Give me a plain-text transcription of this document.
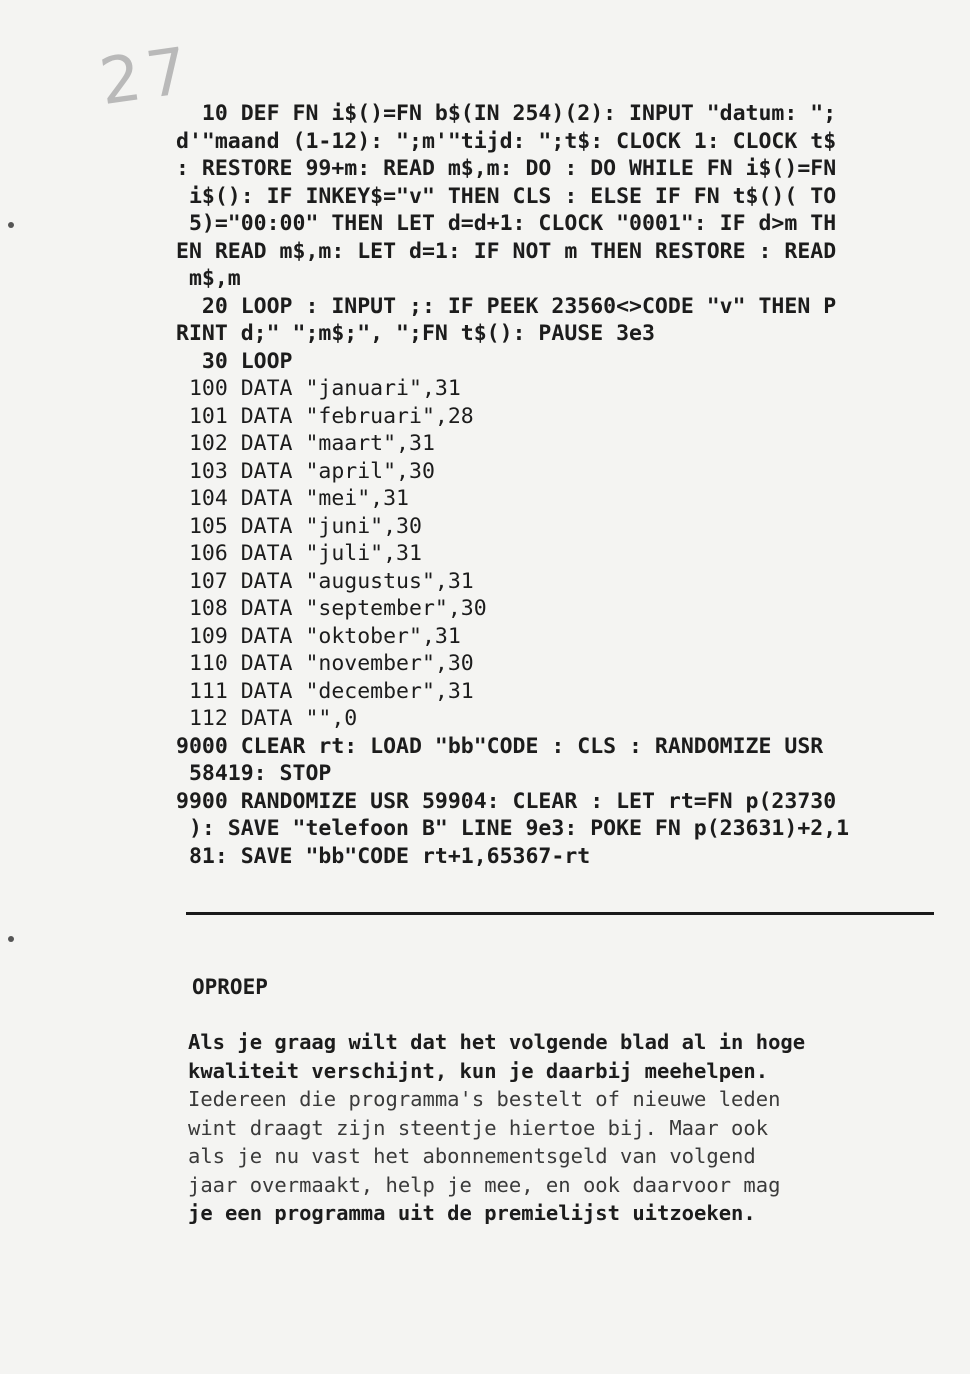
27
10 DEF FN i$()=FN b$(IN 254)(2): INPUT "datum: ";
d'"maand (1-12): ";m'"tijd: ";t$: CLOCK 1: CLOCK t$
: RESTORE 99+m: READ m$,m: DO : DO WHILE FN i$()=FN
i$(): IF INKEY$="v" THEN CLS : ELSE IF FN t$()( TO
5)="00:00" THEN LET d=d+1: CLOCK "0001": IF d>m TH
EN READ m$,m: LET d=1: IF NOT m THEN RESTORE : READ
m$,m
20 LOOP : INPUT ;: IF PEEK 23560<>CODE "v" THEN P
RINT d;" ";m$;", ";FN t$(): PAUSE 3e3
30 LOOP
100 DATA "januari",31
101 DATA "februari",28
102 DATA "maart",31
103 DATA "april",30
104 DATA "mei",31
105 DATA "juni",30
106 DATA "juli",31
107 DATA "augustus",31
108 DATA "september",30
109 DATA "oktober",31
110 DATA "november",30
111 DATA "december",31
112 DATA "",0
9000 CLEAR rt: LOAD "bb"CODE : CLS : RANDOMIZE USR
58419: STOP
9900 RANDOMIZE USR 59904: CLEAR : LET rt=FN p(23730
): SAVE "telefoon B" LINE 9e3: POKE FN p(23631)+2,1
81: SAVE "bb"CODE rt+1,65367-rt
OPROEP
Als je graag wilt dat het volgende blad al in hoge
kwaliteit verschijnt, kun je daarbij meehelpen.
Iedereen die programma's bestelt of nieuwe leden
wint draagt zijn steentje hiertoe bij. Maar ook
als je nu vast het abonnementsgeld van volgend
jaar overmaakt, help je mee, en ook daarvoor mag
je een programma uit de premielijst uitzoeken.
